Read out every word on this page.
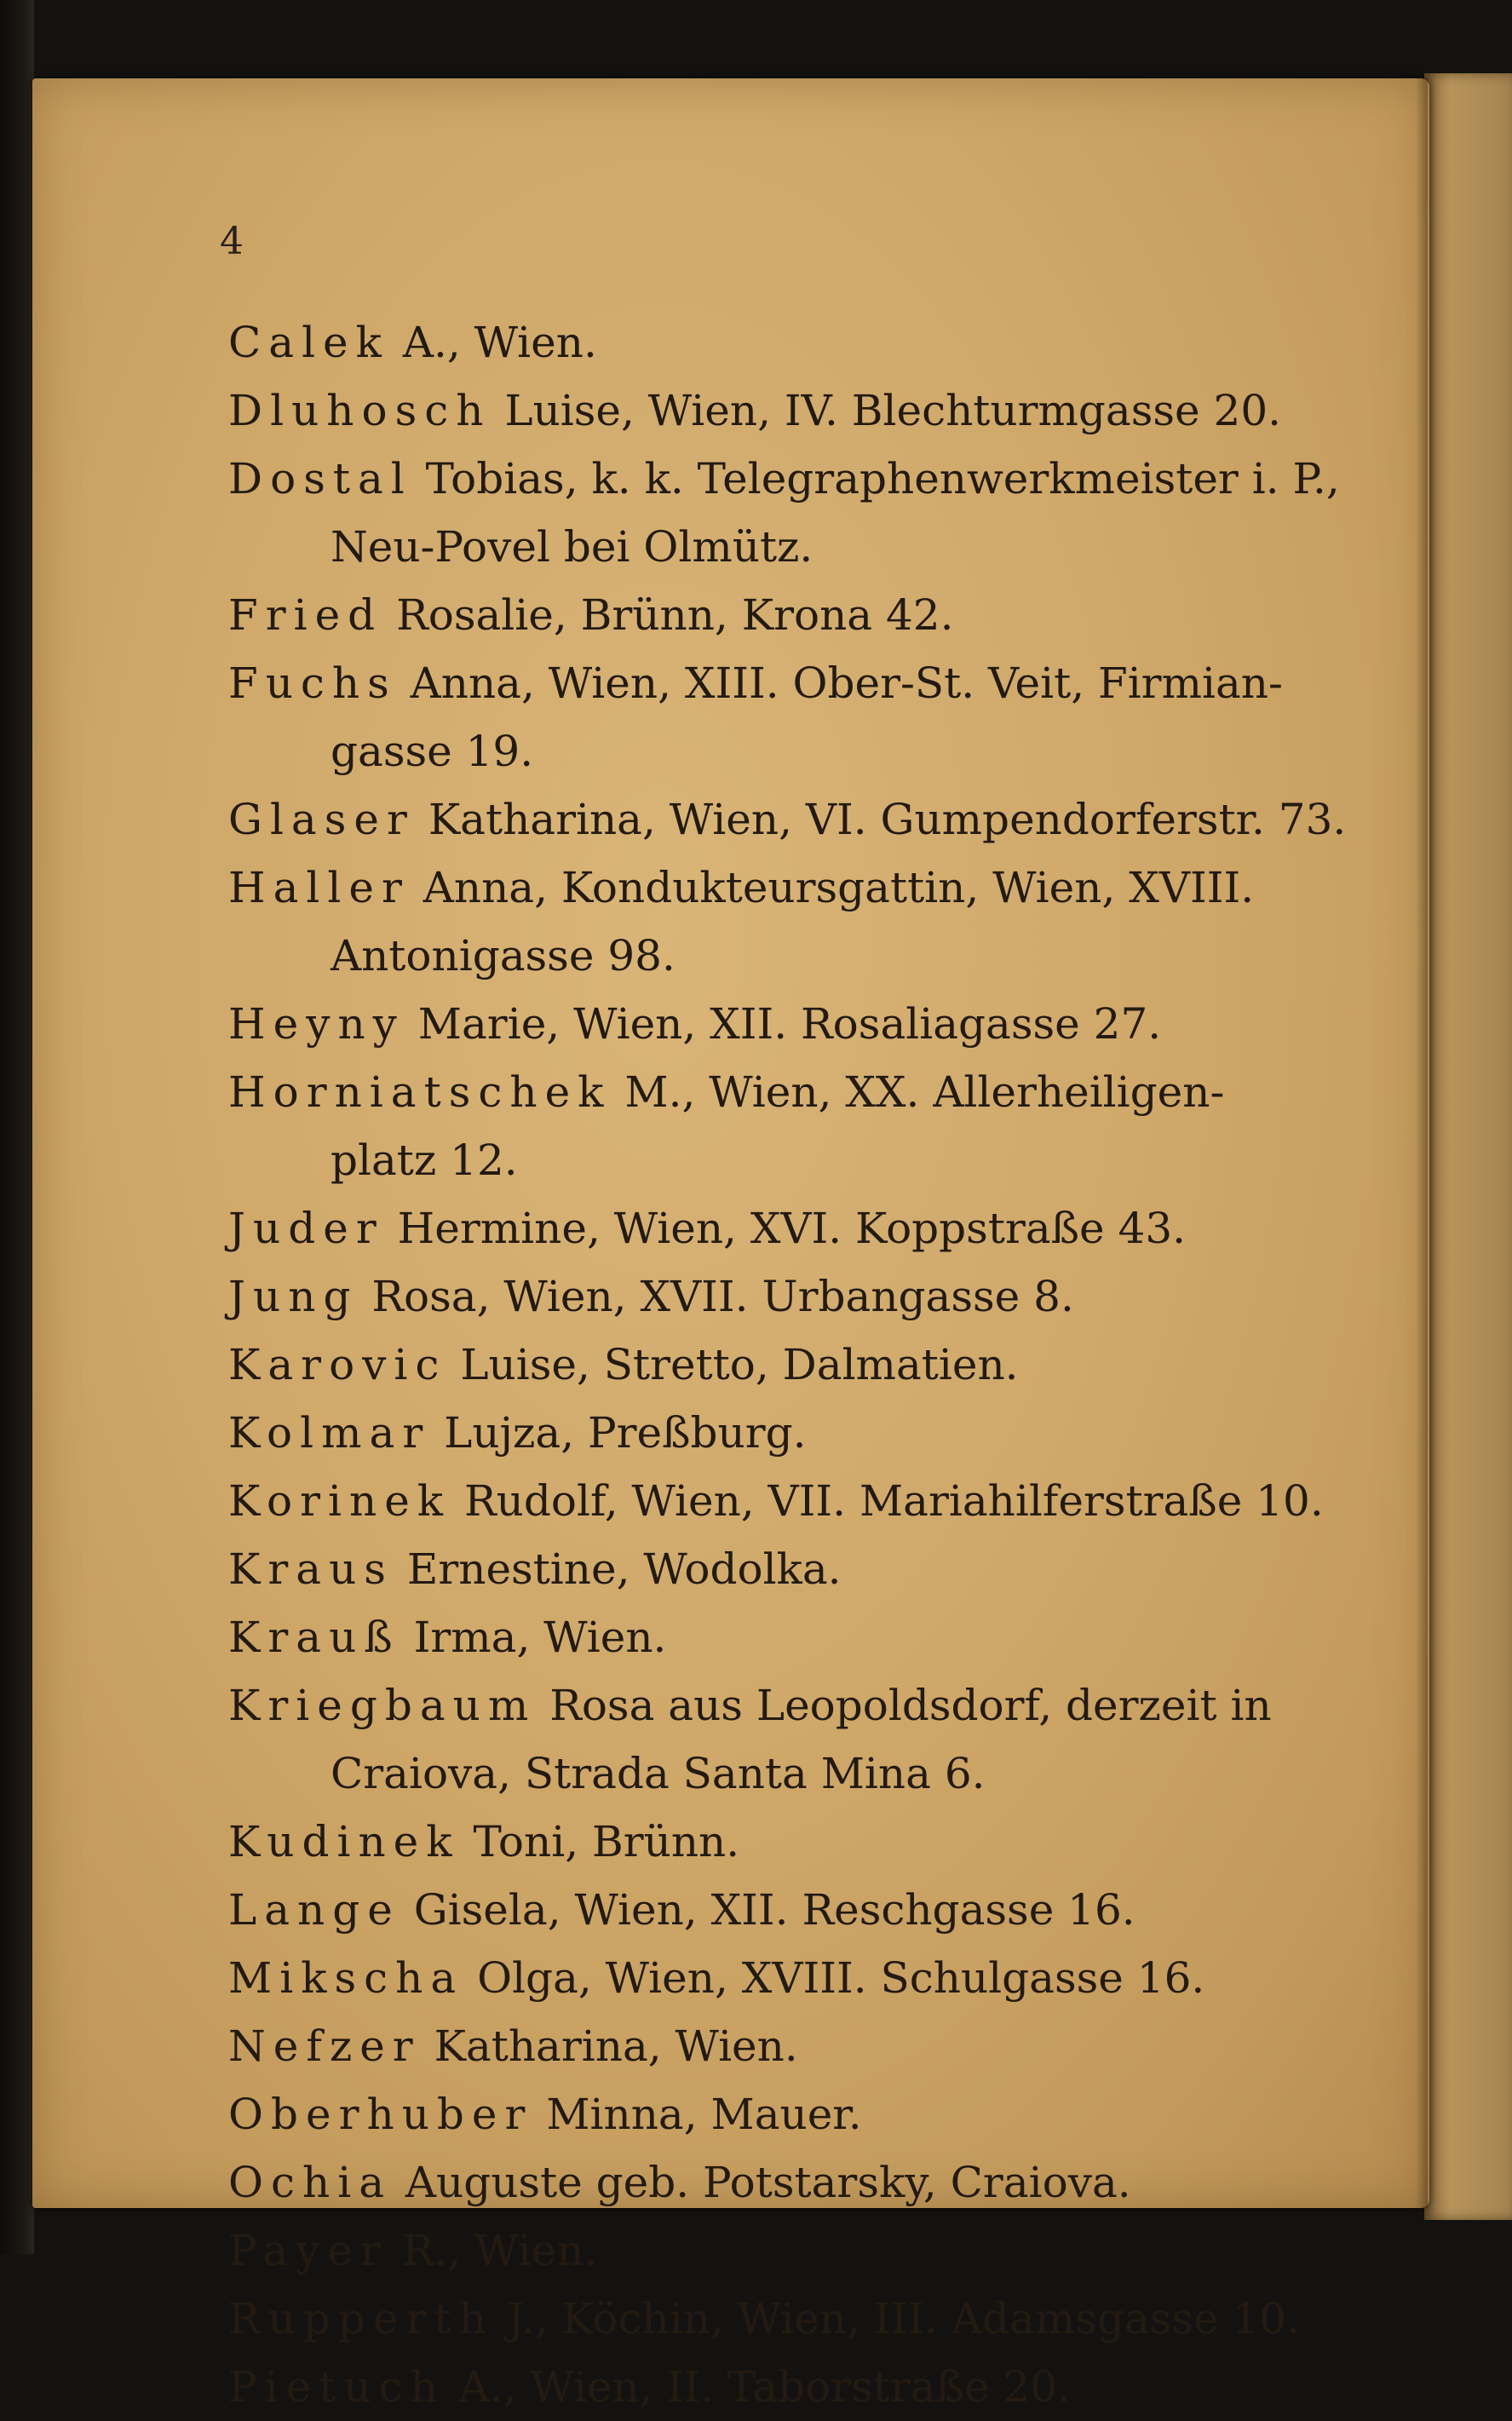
4
Calek A., Wien.
Dluhosch Luise, Wien, IV. Blechturmgasse 20.
Dostal Tobias, k. k. Telegraphenwerkmeister i. P.,
Neu-Povel bei Olmütz.
Fried Rosalie, Brünn, Krona 42.
Fuchs Anna, Wien, XIII. Ober-St. Veit, Firmian-
gasse 19.
Glaser Katharina, Wien, VI. Gumpendorferstr. 73.
Haller Anna, Kondukteursgattin, Wien, XVIII.
Antonigasse 98.
Heyny Marie, Wien, XII. Rosaliagasse 27.
Horniatschek M., Wien, XX. Allerheiligen-
platz 12.
Juder Hermine, Wien, XVI. Koppstraße 43.
Jung Rosa, Wien, XVII. Urbangasse 8.
Karovic Luise, Stretto, Dalmatien.
Kolmar Lujza, Preßburg.
Korinek Rudolf, Wien, VII. Mariahilferstraße 10.
Kraus Ernestine, Wodolka.
Krauß Irma, Wien.
Kriegbaum Rosa aus Leopoldsdorf, derzeit in
Craiova, Strada Santa Mina 6.
Kudinek Toni, Brünn.
Lange Gisela, Wien, XII. Reschgasse 16.
Mikscha Olga, Wien, XVIII. Schulgasse 16.
Nefzer Katharina, Wien.
Oberhuber Minna, Mauer.
Ochia Auguste geb. Potstarsky, Craiova.
Payer R., Wien.
Rupperth J., Köchin, Wien, III. Adamsgasse 10.
Pietuch A., Wien, II. Taborstraße 20.
